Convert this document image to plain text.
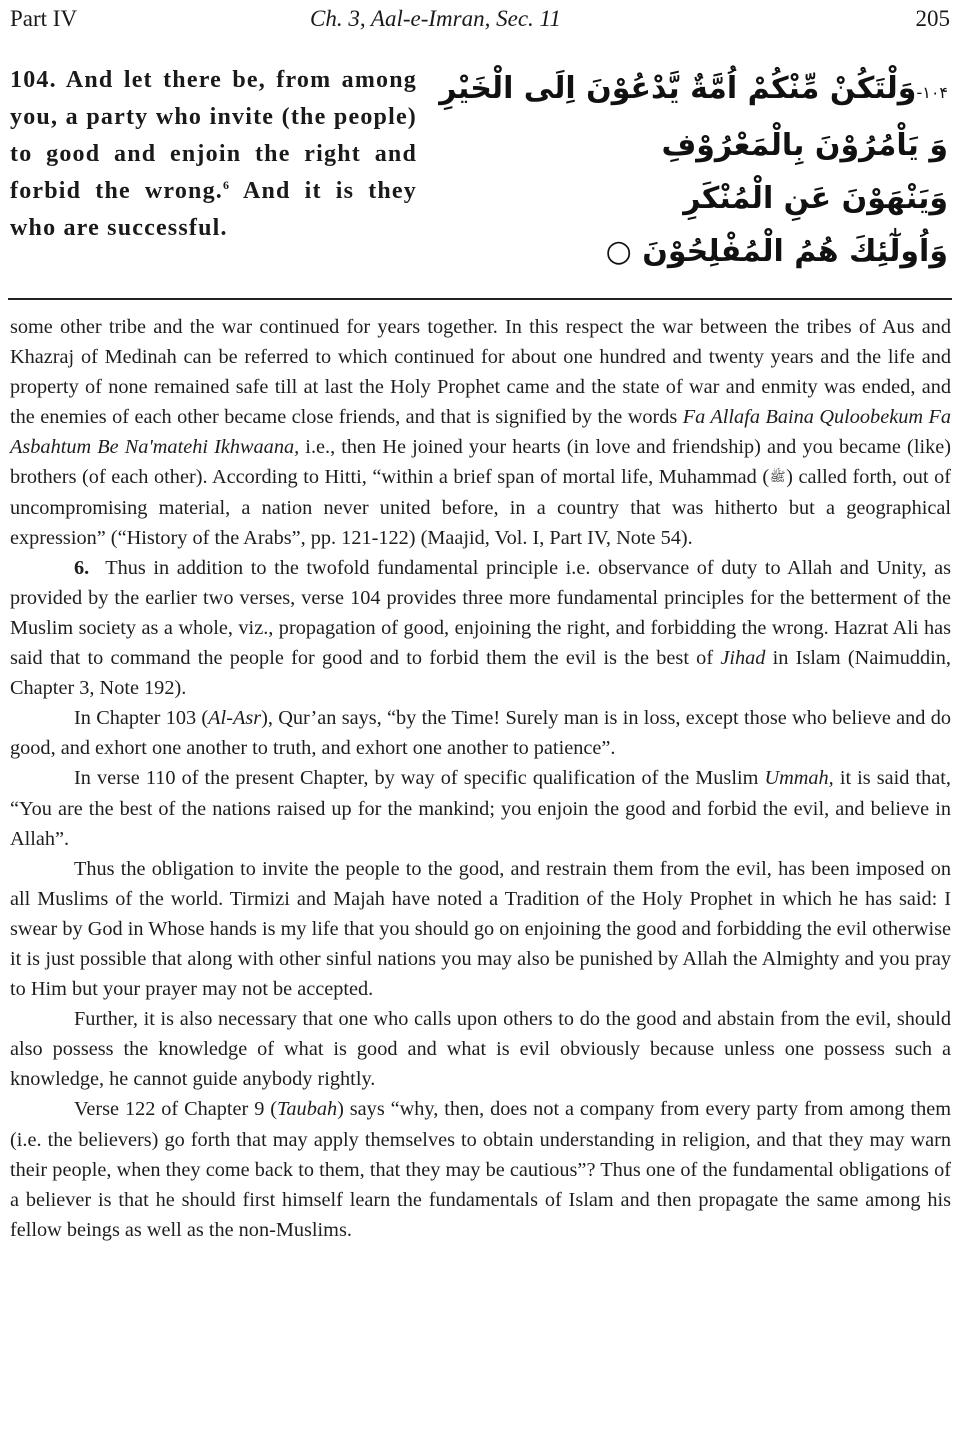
Part IV	Ch. 3, Aal-e-Imran, Sec. 11	205
104. And let there be, from among you, a party who invite (the people) to good and enjoin the right and forbid the wrong.$^6$ And it is they who are successful.
۱۰۴-وَلْتَكُنْ مِّنْكُمْ اُمَّةٌ يَّدْعُوْنَ اِلَى الْخَيْرِ
وَ يَاْمُرُوْنَ بِالْمَعْرُوْفِ
وَيَنْهَوْنَ عَنِ الْمُنْكَرِ
وَاُولٰٓئِكَ هُمُ الْمُفْلِحُوْنَ ○

some other tribe and the war continued for years together. In this respect the war between the tribes of Aus and Khazraj of Medinah can be referred to which continued for about one hundred and twenty years and the life and property of none remained safe till at last the Holy Prophet came and the state of war and enmity was ended, and the enemies of each other became close friends, and that is signified by the words Fa Allafa Baina Quloobekum Fa Asbahtum Be Na'matehi Ikhwaana, i.e., then He joined your hearts (in love and friendship) and you became (like) brothers (of each other). According to Hitti, “within a brief span of mortal life, Muhammad (ﷺ) called forth, out of uncompromising material, a nation never united before, in a country that was hitherto but a geographical expression” (“History of the Arabs”, pp. 121-122) (Maajid, Vol. I, Part IV, Note 54).

6. Thus in addition to the twofold fundamental principle i.e. observance of duty to Allah and Unity, as provided by the earlier two verses, verse 104 provides three more fundamental principles for the betterment of the Muslim society as a whole, viz., propagation of good, enjoining the right, and forbidding the wrong. Hazrat Ali has said that to command the people for good and to forbid them the evil is the best of Jihad in Islam (Naimuddin, Chapter 3, Note 192).

In Chapter 103 (Al-Asr), Qur’an says, “by the Time! Surely man is in loss, except those who believe and do good, and exhort one another to truth, and exhort one another to patience”.

In verse 110 of the present Chapter, by way of specific qualification of the Muslim Ummah, it is said that, “You are the best of the nations raised up for the mankind; you enjoin the good and forbid the evil, and believe in Allah”.

Thus the obligation to invite the people to the good, and restrain them from the evil, has been imposed on all Muslims of the world. Tirmizi and Majah have noted a Tradition of the Holy Prophet in which he has said: I swear by God in Whose hands is my life that you should go on enjoining the good and forbidding the evil otherwise it is just possible that along with other sinful nations you may also be punished by Allah the Almighty and you pray to Him but your prayer may not be accepted.

Further, it is also necessary that one who calls upon others to do the good and abstain from the evil, should also possess the knowledge of what is good and what is evil obviously because unless one possess such a knowledge, he cannot guide anybody rightly.

Verse 122 of Chapter 9 (Taubah) says “why, then, does not a company from every party from among them (i.e. the believers) go forth that may apply themselves to obtain understanding in religion, and that they may warn their people, when they come back to them, that they may be cautious”? Thus one of the fundamental obligations of a believer is that he should first himself learn the fundamentals of Islam and then propagate the same among his fellow beings as well as the non-Muslims.
